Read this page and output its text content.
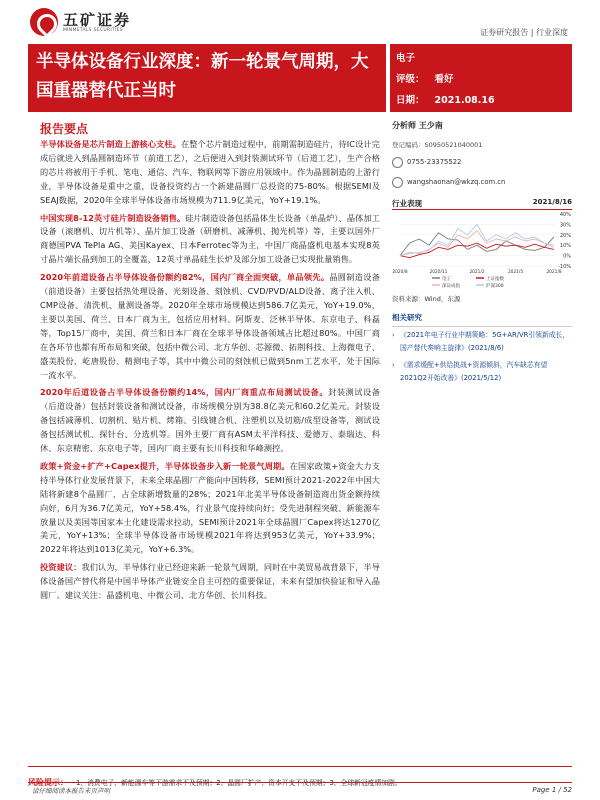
五矿证券
MINMETALS SECURITIES	证券研究报告 | 行业深度
半导体设备行业深度：新一轮景气周期，大国重器替代正当时
电子
评级： 看好
日期： 2021.08.16
报告要点

半导体设备是芯片制造上游核心支柱。在整个芯片制造过程中，前期需制造硅片，待IC设计完成后就进入到晶圆制造环节（前道工艺），之后便进入到封装测试环节（后道工艺），生产合格的芯片将被用于手机、笔电、通信、汽车、物联网等下游应用领域中。作为晶圆制造的上游行业，半导体设备是重中之重，设备投资约占一个新建晶圆厂总投资的75-80%。根据SEMI及SEAJ数据，2020年全球半导体设备市场规模为711.9亿美元，YoY+19.1%。

中国实现8-12英寸硅片制造设备销售。硅片制造设备包括晶体生长设备（单晶炉）、晶体加工设备（滚磨机、切片机等）、晶片加工设备（研磨机、减薄机、抛光机等）等，主要以国外厂商德国PVA TePla AG、美国Kayex、日本Ferrotec等为主，中国厂商晶盛机电基本实现8英寸晶片端长晶到加工的全覆盖，12英寸单晶硅生长炉及部分加工设备已实现批量销售。

2020年前道设备占半导体设备份额约82%，国内厂商全面突破，单品领先。晶圆制造设备（前道设备）主要包括热处理设备、光刻设备、刻蚀机、CVD/PVD/ALD设备、离子注入机、CMP设备、清洗机、量测设备等。2020年全球市场规模达到586.7亿美元，YoY+19.0%，主要以美国、荷兰、日本厂商为主，包括应用材料、阿斯麦、泛林半导体、东京电子、科磊等，Top15厂商中，美国、荷兰和日本厂商在全球半导体设备领域占比超过80%。中国厂商在各环节也都有所布局和突破，包括中微公司、北方华创、芯源微、拓荆科技、上海微电子、盛美股份、屹唐股份、精测电子等，其中中微公司的刻蚀机已做到5nm工艺水平，处于国际一流水平。

2020年后道设备占半导体设备份额约14%，国内厂商重点布局测试设备。封装测试设备（后道设备）包括封装设备和测试设备，市场规模分别为38.8亿美元和60.2亿美元。封装设备包括减薄机、切割机、贴片机、烤箱、引线键合机、注塑机以及切筋/成型设备等，测试设备包括测试机、探针台、分选机等。国外主要厂商有ASM太平洋科技、爱德万、泰瑞达、科休、东京精密、东京电子等，国内厂商主要有长川科技和华峰测控。

政策+资金+扩产+Capex提升，半导体设备步入新一轮景气周期。在国家政策+资金大力支持半导体行业发展背景下，未来全球晶圆厂产能向中国转移，SEMI预计2021-2022年中国大陆将新建8个晶圆厂，占全球新增数量的28%；2021年北美半导体设备制造商出货金额持续向好，6月为36.7亿美元，YoY+58.4%，行业景气度持续向好；受先进制程突破、新能源车放量以及美国等国家本土化建设需求拉动，SEMI预计2021年全球晶圆厂Capex将达1270亿美元，YoY+13%；全球半导体设备市场规模2021年将达到953亿美元，YoY+33.9%；2022年将达到1013亿美元，YoY+6.3%。

投资建议：我们认为，半导体行业已经迎来新一轮景气周期，同时在中美贸易战背景下，半导体设备国产替代将是中国半导体产业链安全自主可控的重要保证，未来有望加快验证和导入晶圆厂。建议关注：晶盛机电、中微公司、北方华创、长川科技。

分析师 王少南
登记编码：S0950521040001
0755-23375522
wangshaonan@wkzq.com.cn
行业表现	2021/8/16
40%
30%
20%
10%
0%
-10%
2020/8	2020/11	2021/2	2021/5	2021/8
电子	上证指数
深证成指	沪深300
资料来源：Wind，东源
相关研究
› 《2021年电子行业中期策略：5G+AR/VR引领新成长，国产替代奏响主旋律》(2021/8/6)
› 《需求缓配+供给挑战+资源倾斜，汽车缺芯有望2021Q2开始改善》(2021/5/12)
风险提示： 1、消费电子、新能源车等下游需求不及预期；2、晶圆厂扩产、资本开支不及预期；3、全球新冠疫情加剧。
请仔细阅读本报告末页声明	Page 1 / 52
